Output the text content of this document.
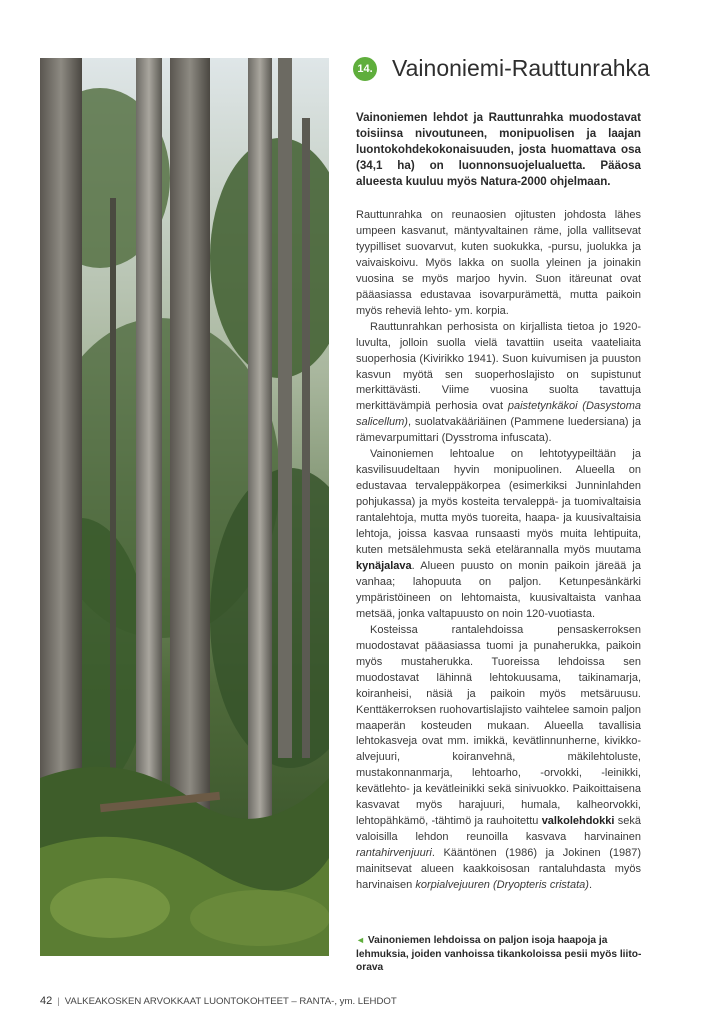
14. Vainoniemi-Rauttunrahka
Vainoniemen lehdot ja Rauttunrahka muodostavat toisiinsa nivoutuneen, monipuolisen ja laajan luontokohdekokonaisuuden, josta huomattava osa (34,1 ha) on luonnonsuojelualuetta. Pääosa alueesta kuuluu myös Natura-2000 ohjelmaan.

Rauttunrahka on reunaosien ojitusten johdosta lähes umpeen kasvanut, mäntyvaltainen räme, jolla vallitsevat tyypilliset suovarvut, kuten suokukka, -pursu, juolukka ja vaivaiskoivu. Myös lakka on suolla yleinen ja joinakin vuosina se myös marjoo hyvin. Suon itäreunat ovat pääasiassa edustavaa isovarpurämettä, mutta paikoin myös reheviä lehto- ym. korpia.

Rauttunrahkan perhosista on kirjallista tietoa jo 1920-luvulta, jolloin suolla vielä tavattiin useita vaateliaita suoperhosia (Kivirikko 1941). Suon kuivumisen ja puuston kasvun myötä sen suoperhoslajisto on supistunut merkittävästi. Viime vuosina suolta tavattuja merkittävämpiä perhosia ovat paistetynkäkoi (Dasystoma salicellum), suolatvakääriäinen (Pammene luedersiana) ja rämevarpumittari (Dysstroma infuscata).

Vainoniemen lehtoalue on lehtotyypeiltään ja kasvilisuudeltaan hyvin monipuolinen. Alueella on edustavaa tervaleppäkorpea (esimerkiksi Junninlahden pohjukassa) ja myös kosteita tervaleppä- ja tuomivaltaisia rantalehtoja, mutta myös tuoreita, haapa- ja kuusivaltaisia lehtoja, joissa kasvaa runsaasti myös muita lehtipuita, kuten metsälehmusta sekä etelärannalla myös muutama kynäjalava. Alueen puusto on monin paikoin järeää ja vanhaa; lahopuuta on paljon. Ketunpesänkärki ympäristöineen on lehtomaista, kuusivaltaista vanhaa metsää, jonka valtapuusto on noin 120-vuotiasta.

Kosteissa rantalehdoissa pensaskerroksen muodostavat pääasiassa tuomi ja punaherukka, paikoin myös mustaherukka. Tuoreissa lehdoissa sen muodostavat lähinnä lehtokuusama, taikinamarja, koiranheisi, näsiä ja paikoin myös metsäruusu. Kenttäkerroksen ruohovartislajisto vaihtelee samoin paljon maaperän kosteuden mukaan. Alueella tavallisia lehtokasveja ovat mm. imikkä, kevätlinnunherne, kivikko- alvejuuri, koiranvehnä, mäkilehtolustе, mustakonnanmarja, lehtoarho, -orvokki, -leinikki, kevätlehto- ja kevätleinikki sekä sinivuokko. Paikoittaisena kasvavat myös harajuuri, humala, kalheorvokki, lehtopähkämö, -tähtimö ja rauhoitettu valkolehdokki sekä valoisilla lehdon reunoilla kasvava harvinainen rantahirvenjuuri. Kääntönen (1986) ja Jokinen (1987) mainitsevat alueen kaakkoisosan rantaluhdasta myös harvinaisen korpialvejuuren (Dryopteris cristata).

◄ Vainoniemen lehdoissa on paljon isoja haapoja ja lehmuksia, joiden vanhoissa tikankoloissa pesii myös liito-orava
42 | VALKEAKOSKEN ARVOKKAAT LUONTOKOHTEET – RANTA-, ym. LEHDOT
